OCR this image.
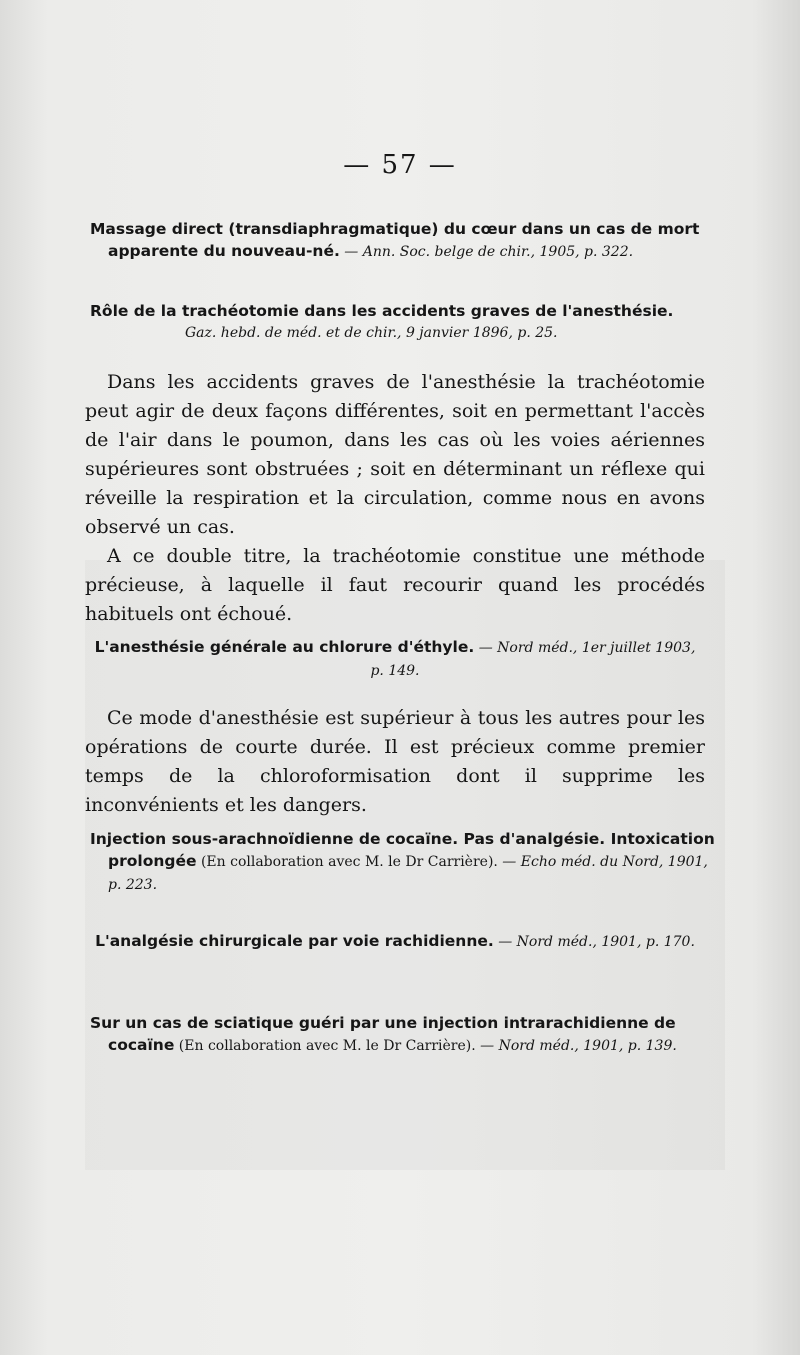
— 57 —
Massage direct (transdiaphragmatique) du cœur dans un cas de mort apparente du nouveau-né. — Ann. Soc. belge de chir., 1905, p. 322.
Rôle de la trachéotomie dans les accidents graves de l'anesthésie.
Gaz. hebd. de méd. et de chir., 9 janvier 1896, p. 25.

Dans les accidents graves de l'anesthésie la trachéotomie peut agir de deux façons différentes, soit en permettant l'accès de l'air dans le poumon, dans les cas où les voies aériennes supérieures sont obstruées ; soit en déterminant un réflexe qui réveille la respiration et la circulation, comme nous en avons observé un cas.

A ce double titre, la trachéotomie constitue une méthode précieuse, à laquelle il faut recourir quand les procédés habituels ont échoué.

L'anesthésie générale au chlorure d'éthyle. — Nord méd., 1er juillet 1903, p. 149.

Ce mode d'anesthésie est supérieur à tous les autres pour les opérations de courte durée. Il est précieux comme premier temps de la chloroformisation dont il supprime les inconvénients et les dangers.

Injection sous-arachnoïdienne de cocaïne. Pas d'analgésie. Intoxication prolongée (En collaboration avec M. le Dr Carrière). — Echo méd. du Nord, 1901, p. 223.
L'analgésie chirurgicale par voie rachidienne. — Nord méd., 1901, p. 170.
Sur un cas de sciatique guéri par une injection intrarachidienne de cocaïne (En collaboration avec M. le Dr Carrière). — Nord méd., 1901, p. 139.
